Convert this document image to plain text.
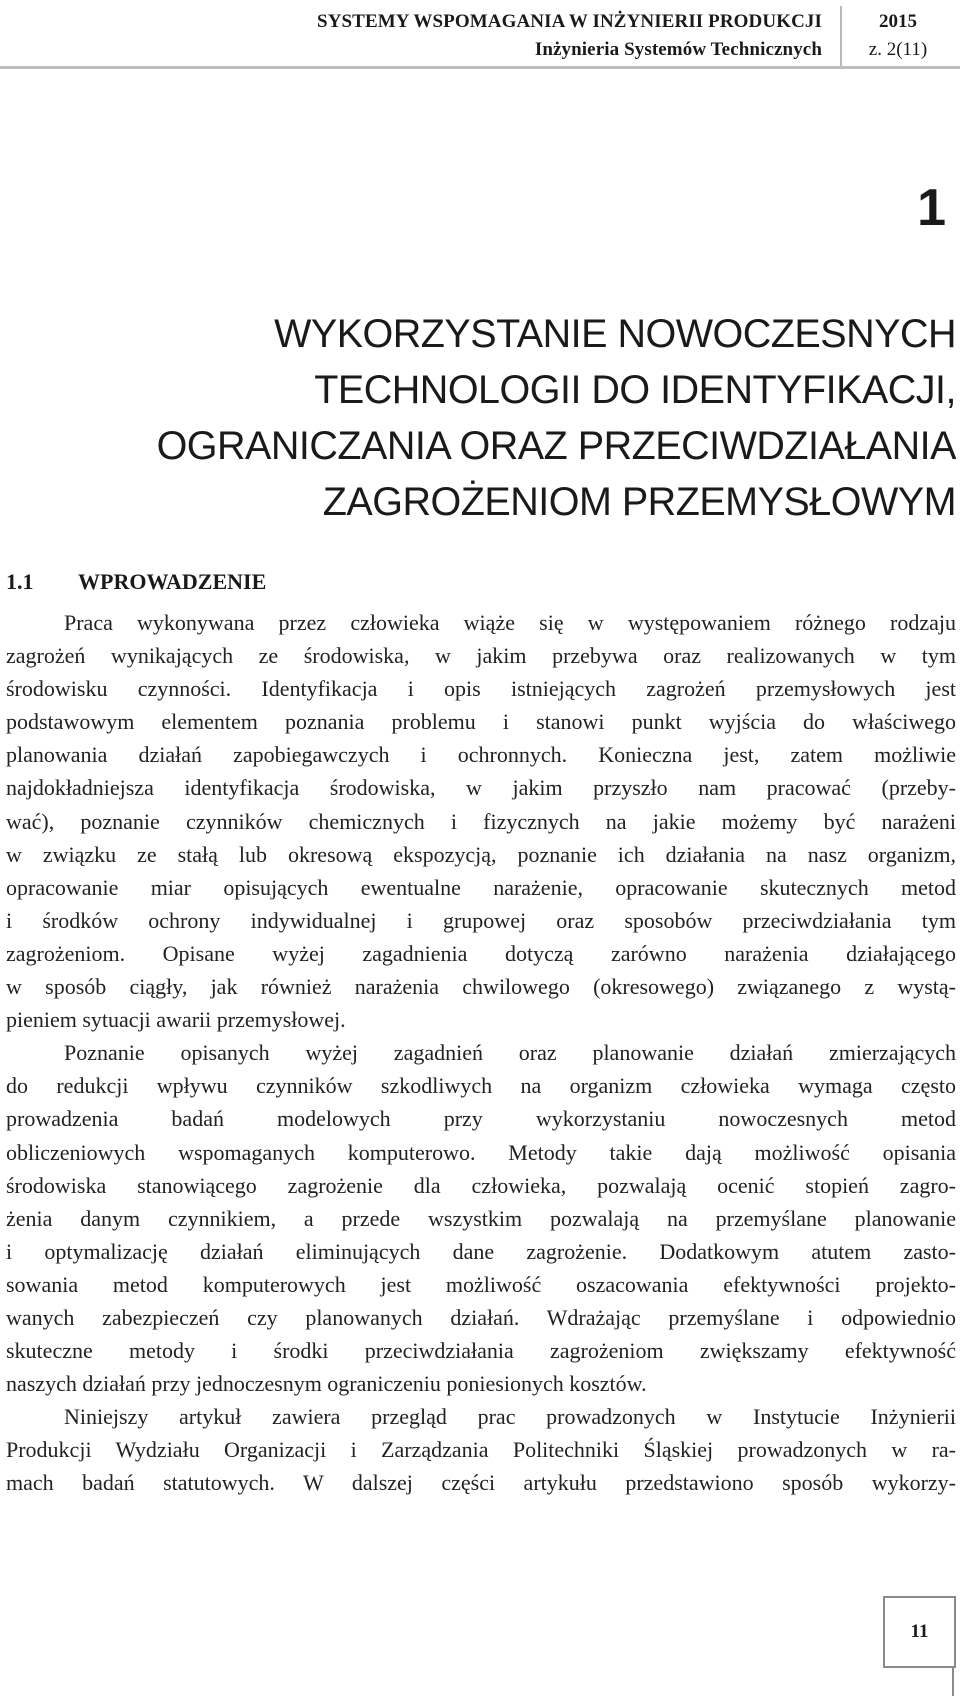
SYSTEMY WSPOMAGANIA W INŻYNIERII PRODUKCJI
Inżynieria Systemów Technicznych
2015
z. 2(11)
1
WYKORZYSTANIE NOWOCZESNYCH
TECHNOLOGII DO IDENTYFIKACJI,
OGRANICZANIA ORAZ PRZECIWDZIAŁANIA
ZAGROŻENIOM PRZEMYSŁOWYM
1.1 WPROWADZENIE
Praca wykonywana przez człowieka wiąże się w występowaniem różnego rodzaju
zagrożeń wynikających ze środowiska, w jakim przebywa oraz realizowanych w tym
środowisku czynności. Identyfikacja i opis istniejących zagrożeń przemysłowych jest
podstawowym elementem poznania problemu i stanowi punkt wyjścia do właściwego
planowania działań zapobiegawczych i ochronnych. Konieczna jest, zatem możliwie
najdokładniejsza identyfikacja środowiska, w jakim przyszło nam pracować (przeby-
wać), poznanie czynników chemicznych i fizycznych na jakie możemy być narażeni
w związku ze stałą lub okresową ekspozycją, poznanie ich działania na nasz organizm,
opracowanie miar opisujących ewentualne narażenie, opracowanie skutecznych metod
i środków ochrony indywidualnej i grupowej oraz sposobów przeciwdziałania tym
zagrożeniom. Opisane wyżej zagadnienia dotyczą zarówno narażenia działającego
w sposób ciągły, jak również narażenia chwilowego (okresowego) związanego z wystą-
pieniem sytuacji awarii przemysłowej.
Poznanie opisanych wyżej zagadnień oraz planowanie działań zmierzających
do redukcji wpływu czynników szkodliwych na organizm człowieka wymaga często
prowadzenia badań modelowych przy wykorzystaniu nowoczesnych metod
obliczeniowych wspomaganych komputerowo. Metody takie dają możliwość opisania
środowiska stanowiącego zagrożenie dla człowieka, pozwalają ocenić stopień zagro-
żenia danym czynnikiem, a przede wszystkim pozwalają na przemyślane planowanie
i optymalizację działań eliminujących dane zagrożenie. Dodatkowym atutem zasto-
sowania metod komputerowych jest możliwość oszacowania efektywności projekto-
wanych zabezpieczeń czy planowanych działań. Wdrażając przemyślane i odpowiednio
skuteczne metody i środki przeciwdziałania zagrożeniom zwiększamy efektywność
naszych działań przy jednoczesnym ograniczeniu poniesionych kosztów.
Niniejszy artykuł zawiera przegląd prac prowadzonych w Instytucie Inżynierii
Produkcji Wydziału Organizacji i Zarządzania Politechniki Śląskiej prowadzonych w ra-
mach badań statutowych. W dalszej części artykułu przedstawiono sposób wykorzy-
11
